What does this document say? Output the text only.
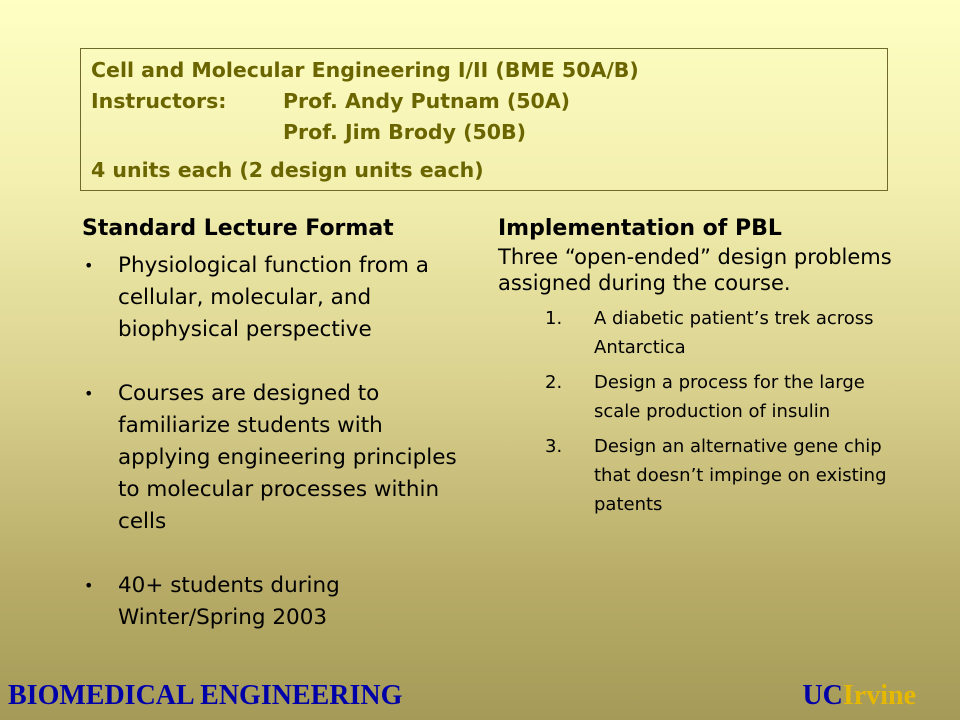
Cell and Molecular Engineering I/II (BME 50A/B)
Instructors:	Prof. Andy Putnam (50A)
Prof. Jim Brody (50B)
4 units each (2 design units each)
Standard Lecture Format
• Physiological function from a cellular, molecular, and biophysical perspective
• Courses are designed to familiarize students with applying engineering principles to molecular processes within cells
• 40+ students during Winter/Spring 2003
Implementation of PBL
Three “open-ended” design problems assigned during the course.
1. A diabetic patient’s trek across Antarctica
2. Design a process for the large scale production of insulin
3. Design an alternative gene chip that doesn’t impinge on existing patents
BIOMEDICAL ENGINEERING	UCIrvine
